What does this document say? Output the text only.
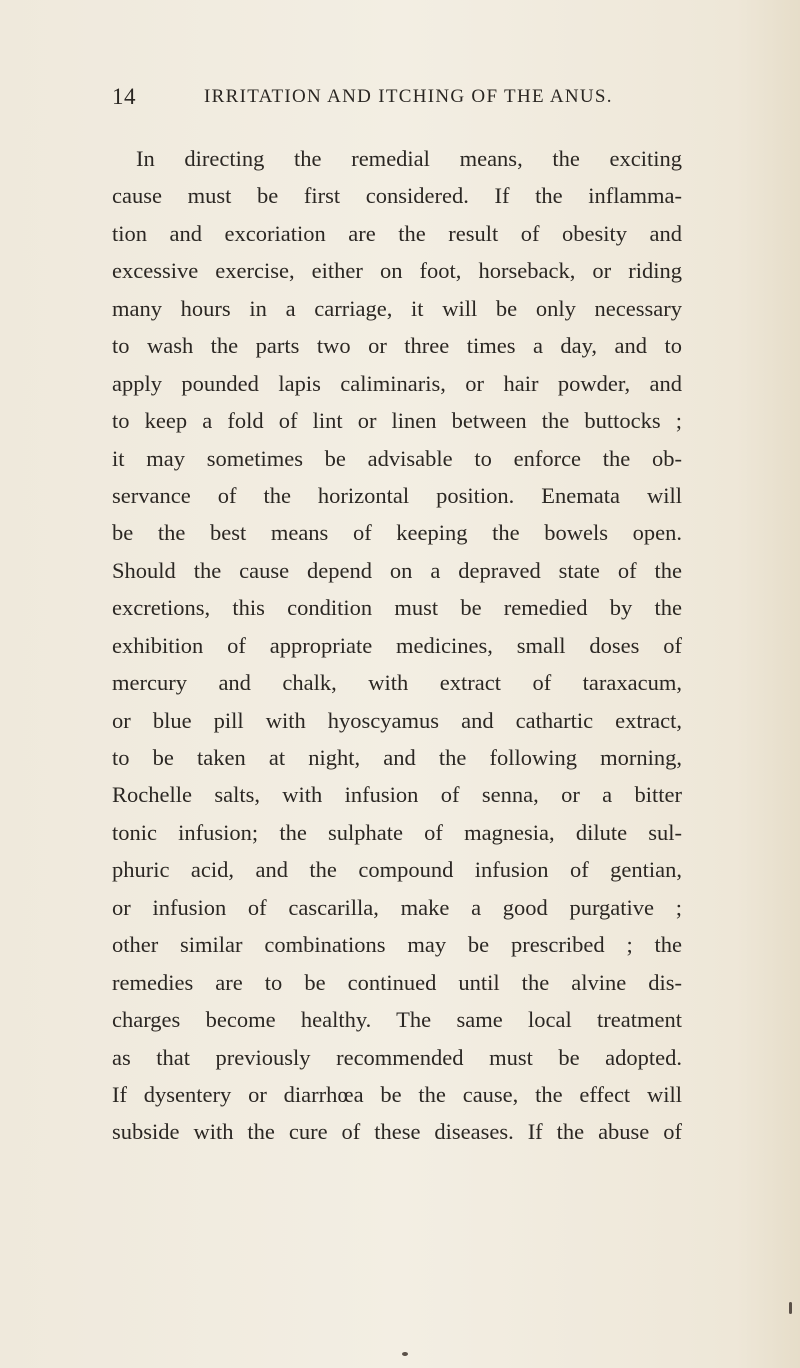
14	IRRITATION AND ITCHING OF THE ANUS.
In directing the remedial means, the exciting
cause must be first considered. If the inflamma-
tion and excoriation are the result of obesity and
excessive exercise, either on foot, horseback, or riding
many hours in a carriage, it will be only necessary
to wash the parts two or three times a day, and to
apply pounded lapis caliminaris, or hair powder, and
to keep a fold of lint or linen between the buttocks ;
it may sometimes be advisable to enforce the ob-
servance of the horizontal position. Enemata will
be the best means of keeping the bowels open.
Should the cause depend on a depraved state of the
excretions, this condition must be remedied by the
exhibition of appropriate medicines, small doses of
mercury and chalk, with extract of taraxacum,
or blue pill with hyoscyamus and cathartic extract,
to be taken at night, and the following morning,
Rochelle salts, with infusion of senna, or a bitter
tonic infusion; the sulphate of magnesia, dilute sul-
phuric acid, and the compound infusion of gentian,
or infusion of cascarilla, make a good purgative ;
other similar combinations may be prescribed ; the
remedies are to be continued until the alvine dis-
charges become healthy. The same local treatment
as that previously recommended must be adopted.
If dysentery or diarrhœa be the cause, the effect will
subside with the cure of these diseases. If the abuse of
